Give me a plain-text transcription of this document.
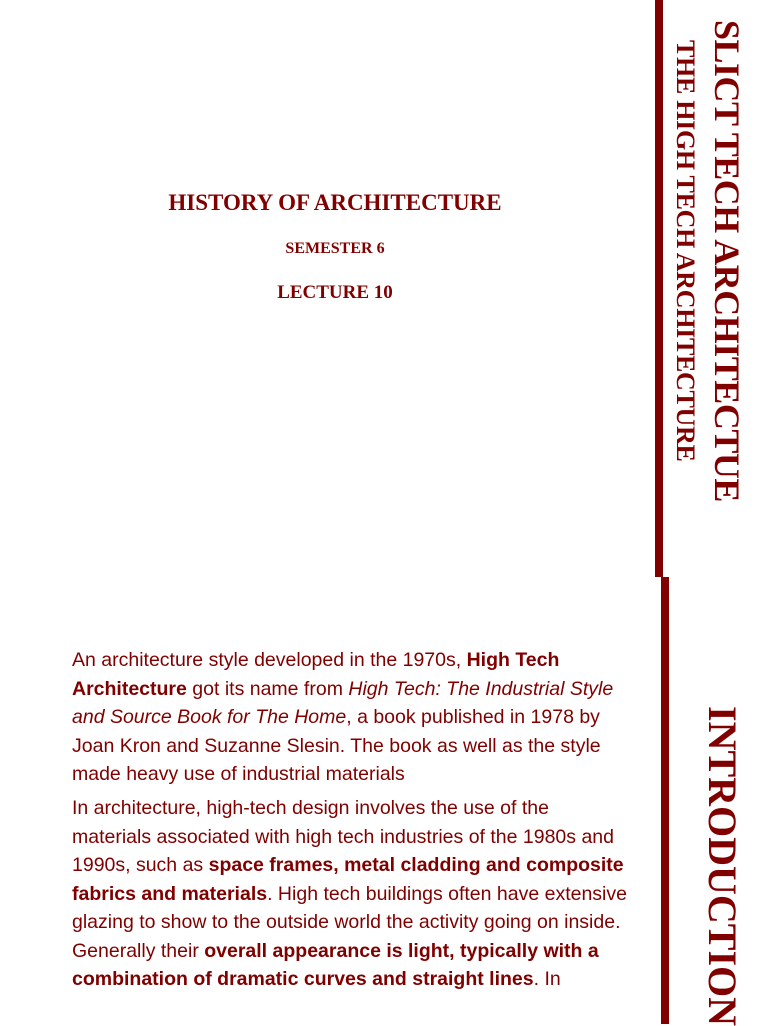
HISTORY OF ARCHITECTURE
SEMESTER 6
LECTURE 10	SLICT TECH ARCHITECTUE
THE HIGH TECH ARCHITECTURE
INTRODUCTION
An architecture style developed in the 1970s, High Tech Architecture got its name from High Tech: The Industrial Style and Source Book for The Home, a book published in 1978 by Joan Kron and Suzanne Slesin. The book as well as the style made heavy use of industrial materials
In architecture, high-tech design involves the use of the materials associated with high tech industries of the 1980s and 1990s, such as space frames, metal cladding and composite fabrics and materials. High tech buildings often have extensive glazing to show to the outside world the activity going on inside. Generally their overall appearance is light, typically with a combination of dramatic curves and straight lines. In
